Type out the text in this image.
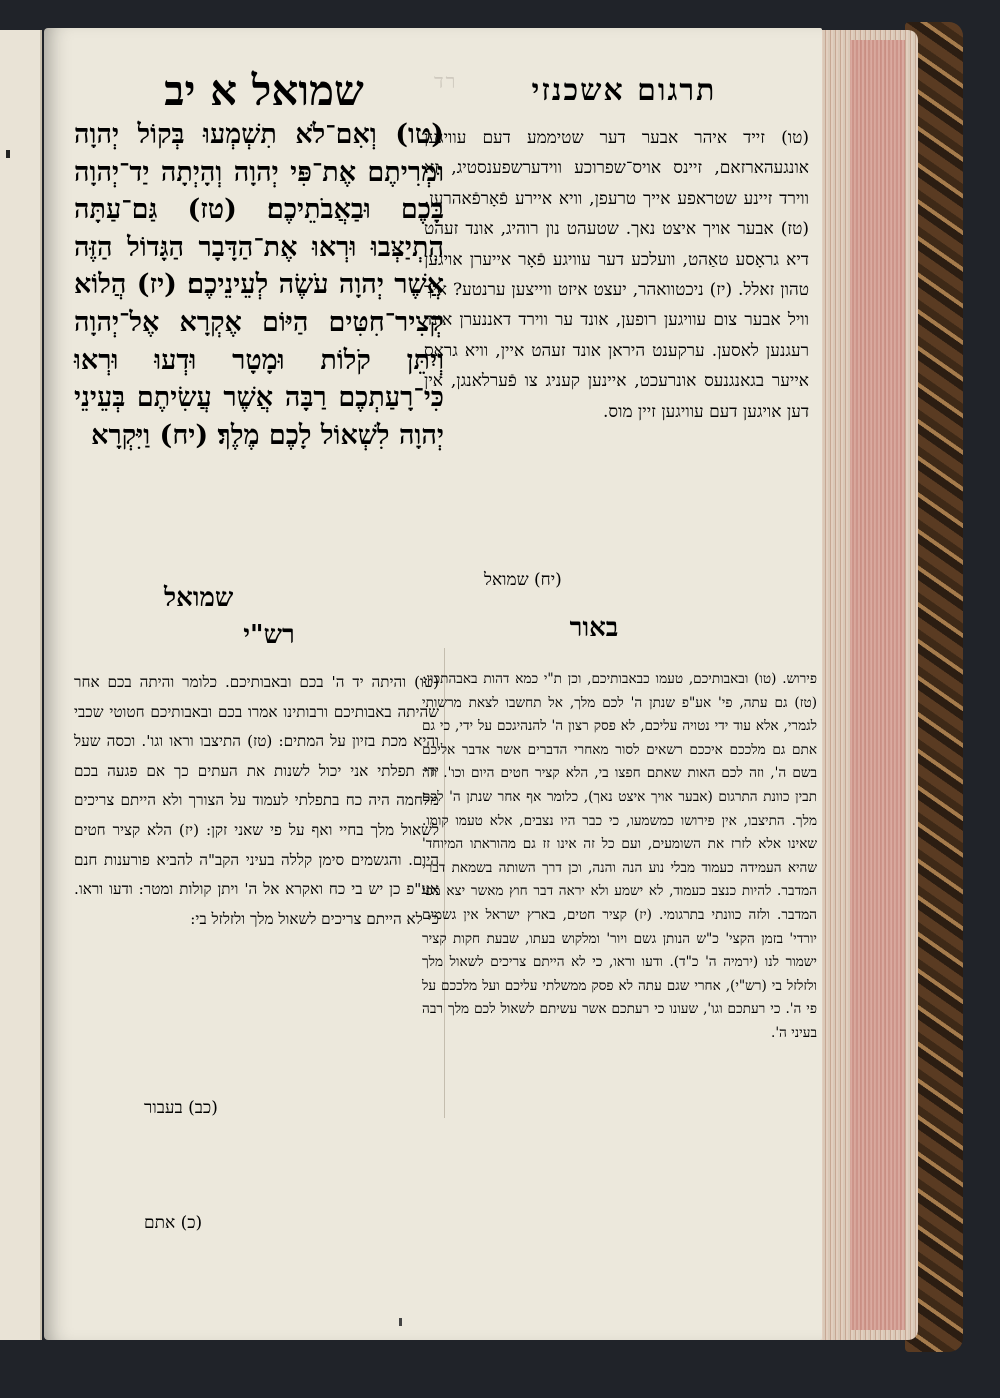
רד תרגום אשכנזי
שמואל א יב
(טו) וְאִם־לֹא תִשְׁמְעוּ בְּקוֹל יְהוָה וּמְרִיתֶם אֶת־פִּי יְהוָה וְהָיְתָה יַד־יְהוָה בָּכֶם וּבַאֲבֹתֵיכֶם׃ (טז) גַּם־עַתָּה הִתְיַצְּבוּ וּרְאוּ אֶת־הַדָּבָר הַגָּדוֹל הַזֶּה אֲשֶׁר יְהוָה עֹשֶׂה לְעֵינֵיכֶם׃ (יז) הֲלוֹא קְצִיר־חִטִּים הַיּוֹם אֶקְרָא אֶל־יְהוָה וְיִתֵּן קֹלוֹת וּמָטָר וּדְעוּ וּרְאוּ כִּי־רָעַתְכֶם רַבָּה אֲשֶׁר עֲשִׂיתֶם בְּעֵינֵי יְהוָה לִשְׁאוֹל לָכֶם מֶלֶךְ׃ (יח) וַיִּקְרָא
שמואל
(טו) זייד איהר אבער דער שטיממע דעם עוויגען אונגעהארזאם, זיינס אויס־שפרוכע ווידערשפענסטיג, זא ווירד זיינע שטראפע אייך טרעפן, וויא איירע פֿאָרפֿאהרען. (טז) אבער אויך איצט נאך. שטעהט נון רוהיג, אונד זעהט דיא גראָסע טאַהט, וועלכע דער עוויגע פֿאָר אייערן אויגען טהון זאלל. (יז) ניכטוואהר, יעצט איזט ווייצען ערנטע? איך וויל אבער צום עוויגען רופען, אונד ער ווירד דאננערן אונד רעגנען לאסען. ערקענט היראן אונד זעהט איין, וויא גראס אייער בגאנגנעס אונרעכט, איינען קעניג צו פֿערלאנגן, אין דען אויגען דעם עוויגען זיין מוס.
(יח) שמואל
רש"י	באור
(טו) והיתה יד ה' בכם ובאבותיכם. כלומר והיתה בכם אחר שהיתה באבותיכם ורבותינו אמרו בכם ובאבותיכם חטוטי שכבי והיא מכת בזיון על המתים: (טז) התיצבו וראו וגו'. וכסה שעל ידי תפלתי אני יכול לשנות את העתים כך אם פגעה בכם מלחמה היה כח בתפלתי לעמוד על הצורך ולא הייתם צריכים לשאול מלך בחיי ואף על פי שאני זקן: (יז) הלא קציר חטים היום. והגשמים סימן קללה בעיני הקב"ה להביא פורענות חנם אע"פ כן יש בי כח ואקרא אל ה' ויתן קולות ומטר: ודעו וראו. כי לא הייתם צריכים לשאול מלך ולזלזל בי:
(כב) בעבור
פירוש. (טו) ובאבותיכם, טעמו כבאבותיכם, וכן ת"י כמא דהות באבהתכון: (טז) גם עתה, פי' אע"פ שנתן ה' לכם מלך, אל תחשבו לצאת מרשותי לגמרי, אלא עוד ידי נטויה עליכם, לא פסק רצון ה' להנהיגכם על ידי, כי גם אתם גם מלככם איככם רשאים לסור מאחרי הדברים אשר אדבר אליכם בשם ה', וזה לכם האות שאתם חפצו בי, הלא קציר חטים היום וכו'. וזה תבין כוונת התרגום (אבער אויך איצט נאך), כלומר אף אחר שנתן ה' לכם מלך. התיצבו, אין פירושו כמשמעו, כי כבר היו נצבים, אלא טעמו קומו. שאינו אלא לזרז את השומעים, ועם כל זה אינו זז גם מהוראתו המיוחד' שהיא העמידה כעמוד מבלי נוע הנה והנה, וכן דרך השותה בשמאת דברי המדבר. להיות כנצב כעמוד, לא ישמע ולא יראה דבר חוץ מאשר יצא מפי המדבר. ולזה כוונתי בתרגומי. (יז) קציר חטים, בארץ ישראל אין גשמים יורדי' בזמן הקצי' כ"ש הנותן גשם ויור' ומלקוש בעתו, שבעת חקות קציר ישמור לנו (ירמיה ה' כ"ד). ודעו וראו, כי לא הייתם צריכים לשאול מלך ולזלזל בי (רש"י), אחרי שגם עתה לא פסק ממשלתי עליכם ועל מלככם על פי ה'. כי רעתכם וגו', שעונו כי רעתכם אשר עשיתם לשאול לכם מלך רבה בעיני ה'.
(כ) אתם
